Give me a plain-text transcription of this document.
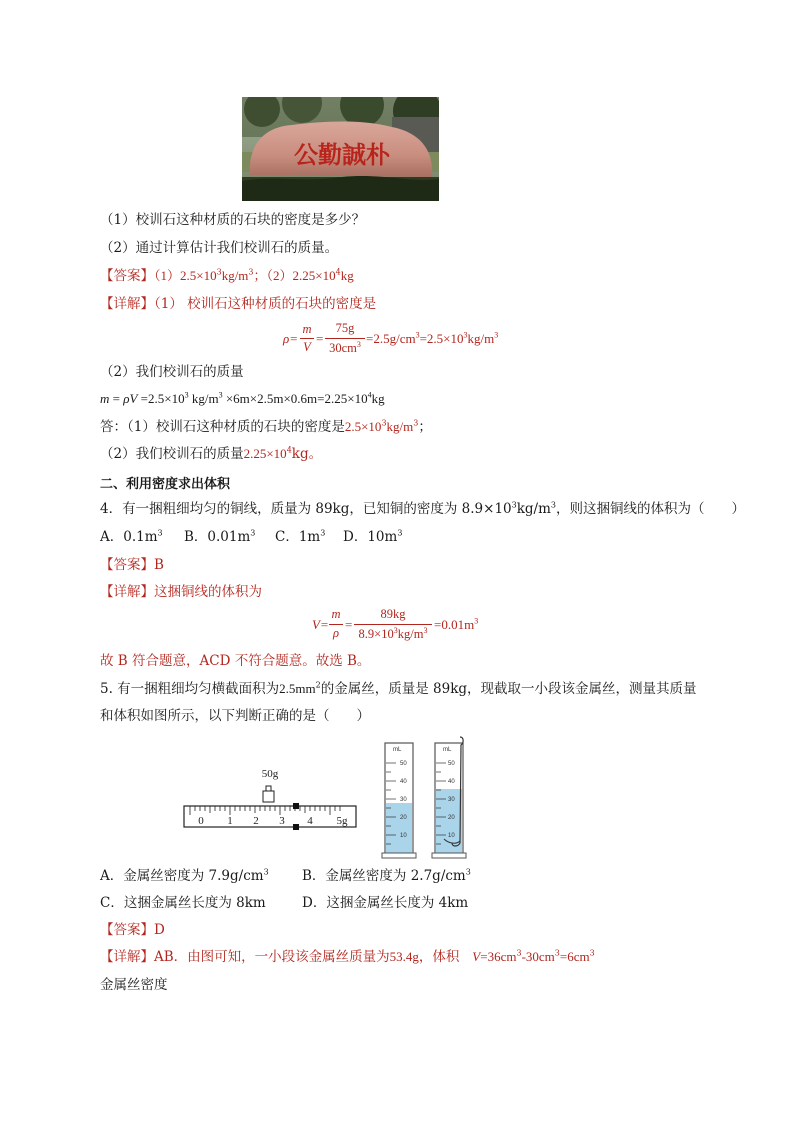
公勤誠朴
（1）校训石这种材质的石块的密度是多少？
（2）通过计算估计我们校训石的质量。
【答案】$(1)2.5\times 10^3kg/m^3$；$(2)2.25\times 10^4kg$
【详解】（1） 校训石这种材质的石块的密度是
ρ=
m
V
=
75g
$30cm^3 =2.5g/cm^3=2.5\times 10^3kg/m^3$
（2）我们校训石的质量
$m = \rho V =2.5\times 10^3$ $kg/m^3 \times 6m\times 2.5m\times 0.6m=2.25\times 10^4kg$
答：（1）校训石这种材质的石块的密度是$2.5\times 10^3kg/m^3$；
（2）我们校训石的质量$2.25\times 10^4kg$。
二、利用密度求出体积
4．有一捆粗细均匀的铜线，质量为 89kg，已知铜的密度为 $8.9\times 10^3kg/m^3$，则这捆铜线的体积为（　　）
A．$0.1m^3$ B．$0.01m^3$ C．$1m^3$ D．$10m^3$
【答案】B
【详解】这捆铜线的体积为
V=
m
ρ
=
89kg
$8.9\times 10^3kg/m^3 =0.01m^3$
故 B 符合题意，ACD 不符合题意。故选 B。
5. 有一捆粗细均匀横截面积为$2.5mm^2$的金属丝，质量是 89kg，现截取一小段该金属丝，测量其质量
和体积如图所示，以下判断正确的是（　　）
50g
0 1 2 3 4 5g
mL
50
40
30
20
10
mL
50
40
30
20
10
A．金属丝密度为 $7.9g/cm^3$ B．金属丝密度为 $2.7g/cm^3$
C．这捆金属丝长度为 8km	D．这捆金属丝长度为 4km
【答案】D
【详解】AB．由图可知，一小段该金属丝质量为53.4g，体积 $V=36cm^3-30cm^3=6cm^3$
金属丝密度
